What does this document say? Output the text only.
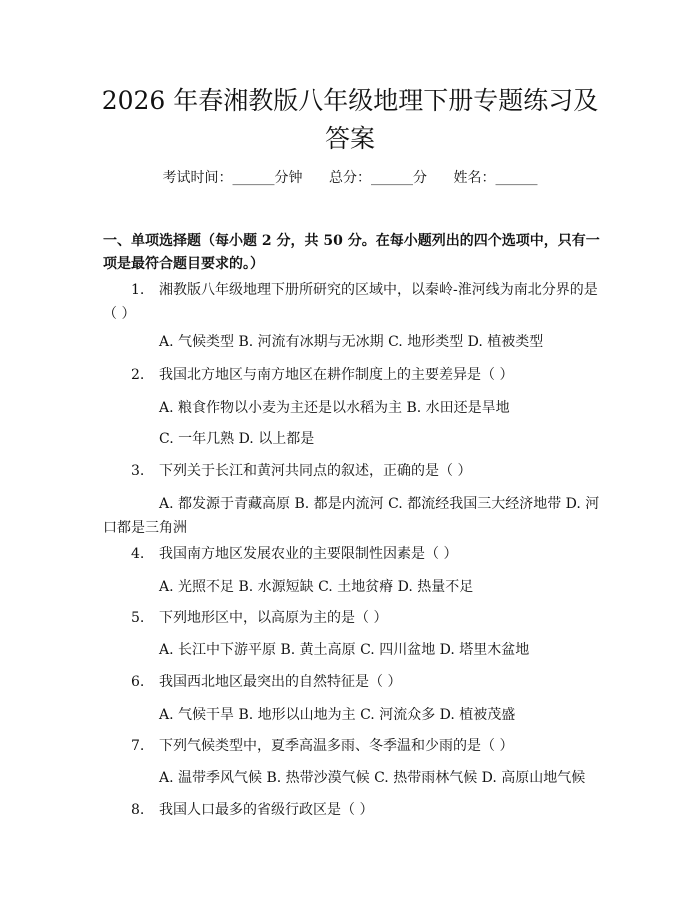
2026 年春湘教版八年级地理下册专题练习及
答案
考试时间：______分钟 总分：______分 姓名：______

一、单项选择题（每小题 2 分，共 50 分。在每小题列出的四个选项中，只有一项是最符合题目要求的。）

1. 湘教版八年级地理下册所研究的区域中，以秦岭-淮河线为南北分界的是（ ）
A. 气候类型 B. 河流有冰期与无冰期 C. 地形类型 D. 植被类型
2. 我国北方地区与南方地区在耕作制度上的主要差异是（ ）
A. 粮食作物以小麦为主还是以水稻为主 B. 水田还是旱地
C. 一年几熟 D. 以上都是
3. 下列关于长江和黄河共同点的叙述，正确的是（ ）
A. 都发源于青藏高原 B. 都是内流河 C. 都流经我国三大经济地带 D. 河口都是三角洲
4. 我国南方地区发展农业的主要限制性因素是（ ）
A. 光照不足 B. 水源短缺 C. 土地贫瘠 D. 热量不足
5. 下列地形区中，以高原为主的是（ ）
A. 长江中下游平原 B. 黄土高原 C. 四川盆地 D. 塔里木盆地
6. 我国西北地区最突出的自然特征是（ ）
A. 气候干旱 B. 地形以山地为主 C. 河流众多 D. 植被茂盛
7. 下列气候类型中，夏季高温多雨、冬季温和少雨的是（ ）
A. 温带季风气候 B. 热带沙漠气候 C. 热带雨林气候 D. 高原山地气候
8. 我国人口最多的省级行政区是（ ）
